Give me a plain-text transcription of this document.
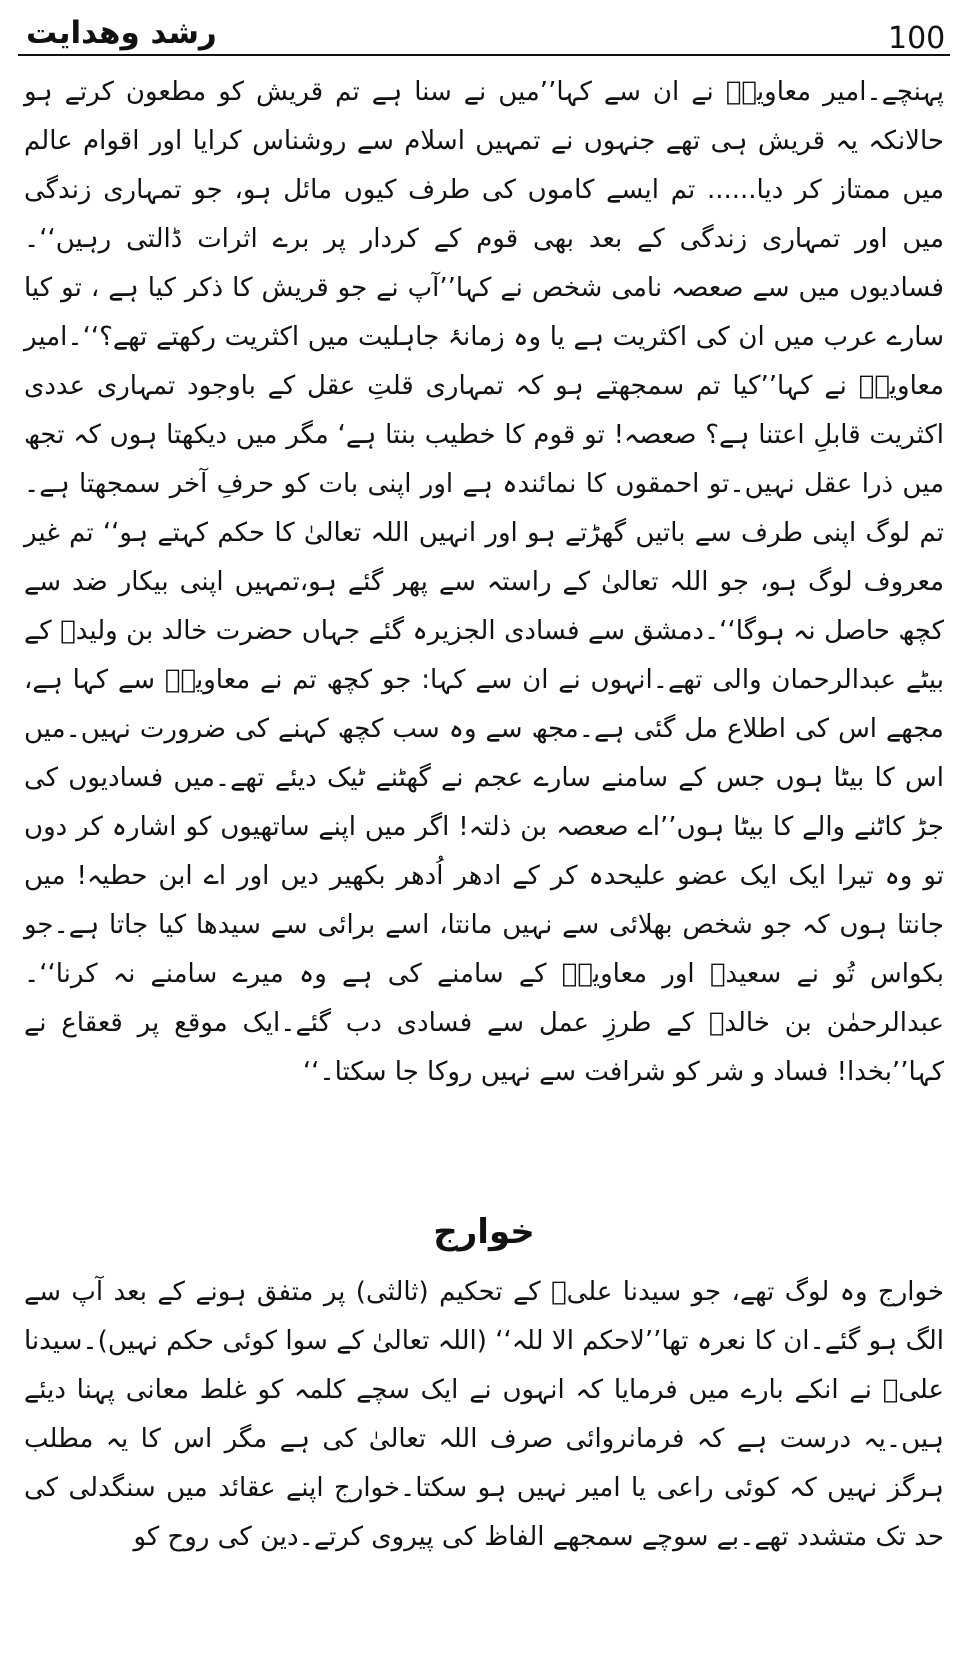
100
رشد وهدایت

پہنچے۔امیر معاویہؓ نے ان سے کہا’’میں نے سنا ہے تم قریش کو مطعون کرتے ہو حالانکہ یہ قریش ہی تھے جنہوں نے تمہیں اسلام سے روشناس کرایا اور اقوام عالم میں ممتاز کر دیا...... تم ایسے کاموں کی طرف کیوں مائل ہو، جو تمہاری زندگی میں اور تمہاری زندگی کے بعد بھی قوم کے کردار پر برے اثرات ڈالتی رہیں‘‘۔فسادیوں میں سے صعصہ نامی شخص نے کہا’’آپ نے جو قریش کا ذکر کیا ہے ، تو کیا سارے عرب میں ان کی اکثریت ہے یا وہ زمانۂ جاہلیت میں اکثریت رکھتے تھے؟‘‘۔امیر معاویہؓ نے کہا’’کیا تم سمجھتے ہو کہ تمہاری قلتِ عقل کے باوجود تمہاری عددی اکثریت قابلِ اعتنا ہے؟ صعصہ! تو قوم کا خطیب بنتا ہے‘ مگر میں دیکھتا ہوں کہ تجھ میں ذرا عقل نہیں۔تو احمقوں کا نمائندہ ہے اور اپنی بات کو حرفِ آخر سمجھتا ہے۔تم لوگ اپنی طرف سے باتیں گھڑتے ہو اور انہیں اللہ تعالیٰ کا حکم کہتے ہو‘‘ تم غیر معروف لوگ ہو، جو اللہ تعالیٰ کے راستہ سے پھر گئے ہو،تمہیں اپنی بیکار ضد سے کچھ حاصل نہ ہوگا‘‘۔دمشق سے فسادی الجزیرہ گئے جہاں حضرت خالد بن ولیدؓ کے بیٹے عبدالرحمان والی تھے۔انہوں نے ان سے کہا: جو کچھ تم نے معاویہؓ سے کہا ہے، مجھے اس کی اطلاع مل گئی ہے۔مجھ سے وہ سب کچھ کہنے کی ضرورت نہیں۔میں اس کا بیٹا ہوں جس کے سامنے سارے عجم نے گھٹنے ٹیک دیئے تھے۔میں فسادیوں کی جڑ کاٹنے والے کا بیٹا ہوں’’اے صعصہ بن ذلتہ! اگر میں اپنے ساتھیوں کو اشارہ کر دوں تو وہ تیرا ایک ایک عضو علیحدہ کر کے ادھر اُدھر بکھیر دیں اور اے ابن حطیہ! میں جانتا ہوں کہ جو شخص بھلائی سے نہیں مانتا، اسے برائی سے سیدھا کیا جاتا ہے۔جو بکواس تُو نے سعیدؓ اور معاویہؓ کے سامنے کی ہے وہ میرے سامنے نہ کرنا‘‘۔عبدالرحمٰن بن خالدؓ کے طرزِ عمل سے فسادی دب گئے۔ایک موقع پر قعقاع نے کہا’’بخدا! فساد و شر کو شرافت سے نہیں روکا جا سکتا۔‘‘

خوارج

خوارج وہ لوگ تھے، جو سیدنا علیؓ کے تحکیم (ثالثی) پر متفق ہونے کے بعد آپ سے الگ ہو گئے۔ان کا نعرہ تھا’’لاحکم الا للہ‘‘ (اللہ تعالیٰ کے سوا کوئی حکم نہیں)۔سیدنا علیؓ نے انکے بارے میں فرمایا کہ انہوں نے ایک سچے کلمہ کو غلط معانی پہنا دیئے ہیں۔یہ درست ہے کہ فرمانروائی صرف اللہ تعالیٰ کی ہے مگر اس کا یہ مطلب ہرگز نہیں کہ کوئی راعی یا امیر نہیں ہو سکتا۔خوارج اپنے عقائد میں سنگدلی کی حد تک متشدد تھے۔بے سوچے سمجھے الفاظ کی پیروی کرتے۔دین کی روح کو
